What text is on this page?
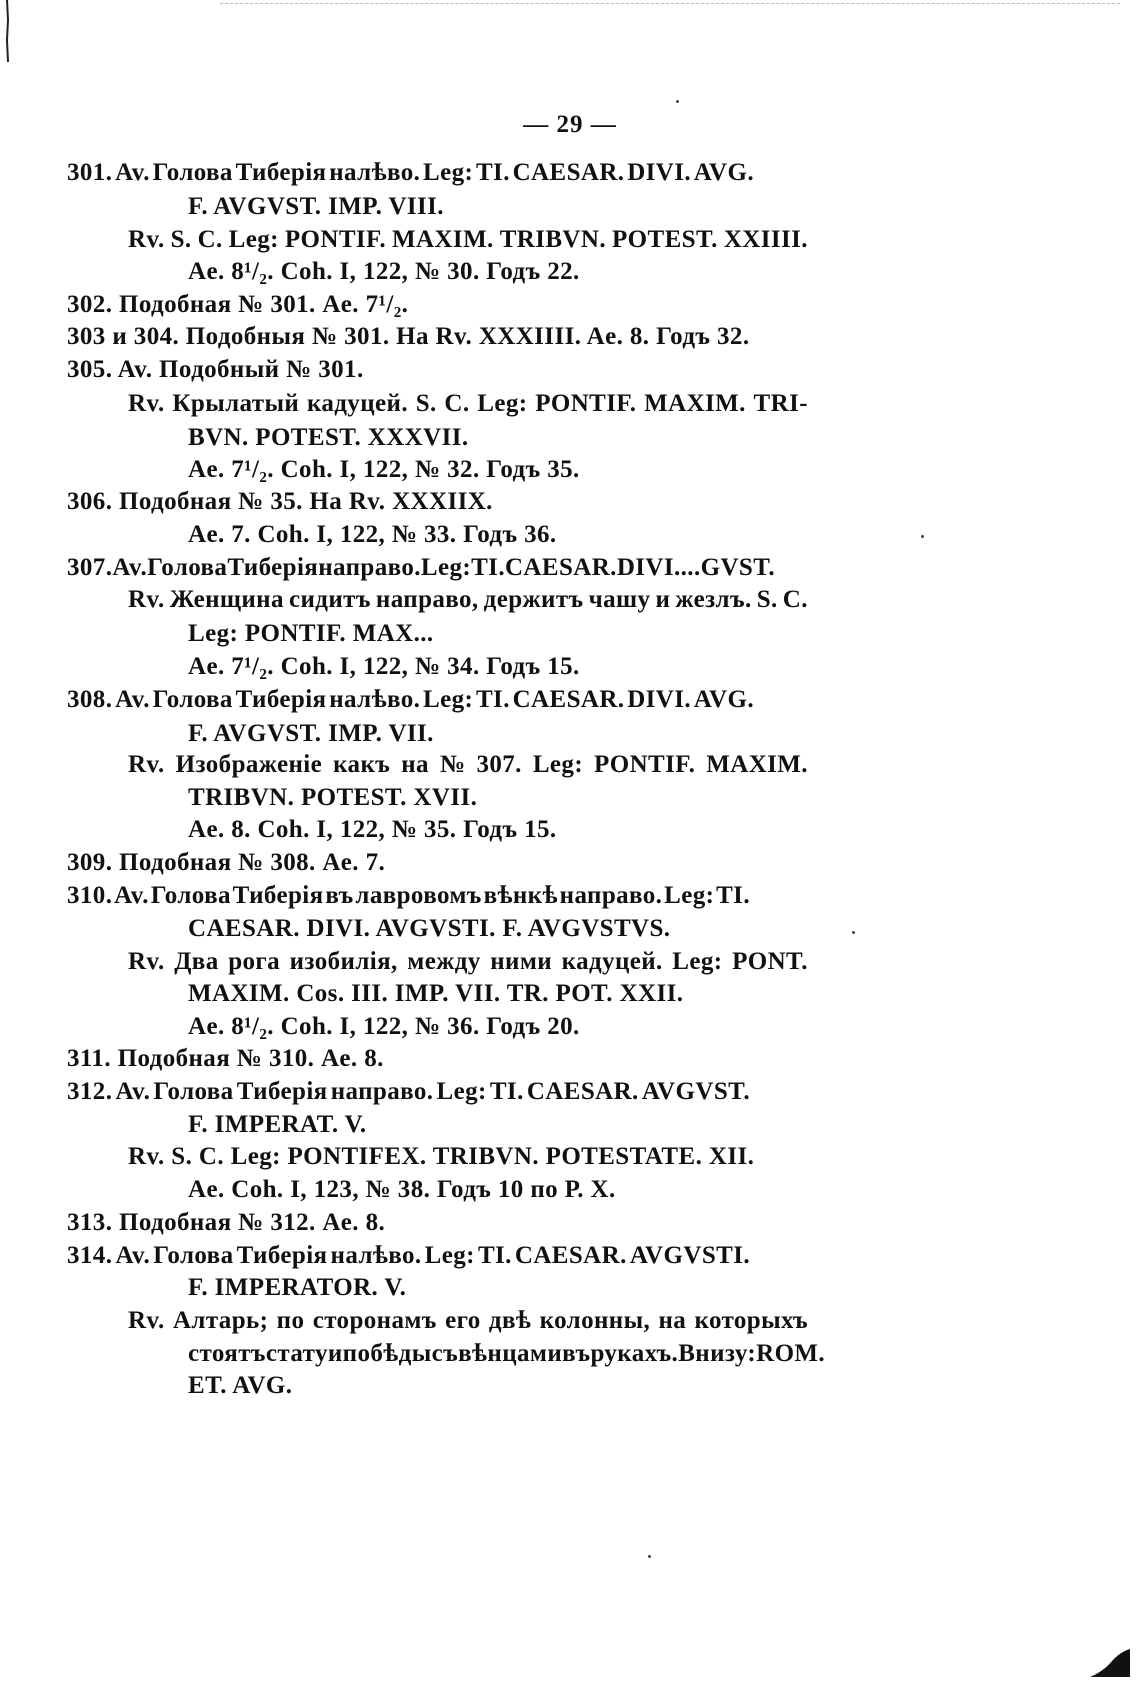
— 29 —
301. Av. Голова Тиберія налѣво. Leg: TI. CAESAR. DIVI. AVG.
F. AVGVST. IMP. VIII.
Rv. S. C. Leg: PONTIF. MAXIM. TRIBVN. POTEST. XXIIII.
Ae. 8¹/₂. Coh. I, 122, № 30. Годъ 22.
302. Подобная № 301. Ae. 7¹/₂.
303 и 304. Подобныя № 301. На Rv. XXXIIII. Ae. 8. Годъ 32.
305. Av. Подобный № 301.
Rv. Крылатый кадуцей. S. C. Leg: PONTIF. MAXIM. TRI-
BVN. POTEST. XXXVII.
Ae. 7¹/₂. Coh. I, 122, № 32. Годъ 35.
306. Подобная № 35. На Rv. XXXIIX.
Ae. 7. Coh. I, 122, № 33. Годъ 36.
307. Av. Голова Тиберія направо. Leg: TI. CAESAR. DIVI....GVST.
Rv. Женщина сидитъ направо, держитъ чашу и жезлъ. S. C.
Leg: PONTIF. MAX...
Ae. 7¹/₂. Coh. I, 122, № 34. Годъ 15.
308. Av. Голова Тиберія налѣво. Leg: TI. CAESAR. DIVI. AVG.
F. AVGVST. IMP. VII.
Rv. Изображеніе какъ на № 307. Leg: PONTIF. MAXIM.
TRIBVN. POTEST. XVII.
Ae. 8. Coh. I, 122, № 35. Годъ 15.
309. Подобная № 308. Ae. 7.
310. Av. Голова Тиберія въ лавровомъ вѣнкѣ направо. Leg: TI.
CAESAR. DIVI. AVGVSTI. F. AVGVSTVS.
Rv. Два рога изобилія, между ними кадуцей. Leg: PONT.
MAXIM. Cos. III. IMP. VII. TR. POT. XXII.
Ae. 8¹/₂. Coh. I, 122, № 36. Годъ 20.
311. Подобная № 310. Ae. 8.
312. Av. Голова Тиберія направо. Leg: TI. CAESAR. AVGVST.
F. IMPERAT. V.
Rv. S. C. Leg: PONTIFEX. TRIBVN. POTESTATE. XII.
Ae. Coh. I, 123, № 38. Годъ 10 по Р. Х.
313. Подобная № 312. Ae. 8.
314. Av. Голова Тиберія налѣво. Leg: TI. CAESAR. AVGVSTI.
F. IMPERATOR. V.
Rv. Алтарь; по сторонамъ его двѣ колонны, на которыхъ
стоятъ статуи побѣды съ вѣнцами въ рукахъ. Внизу: ROM.
ET. AVG.
